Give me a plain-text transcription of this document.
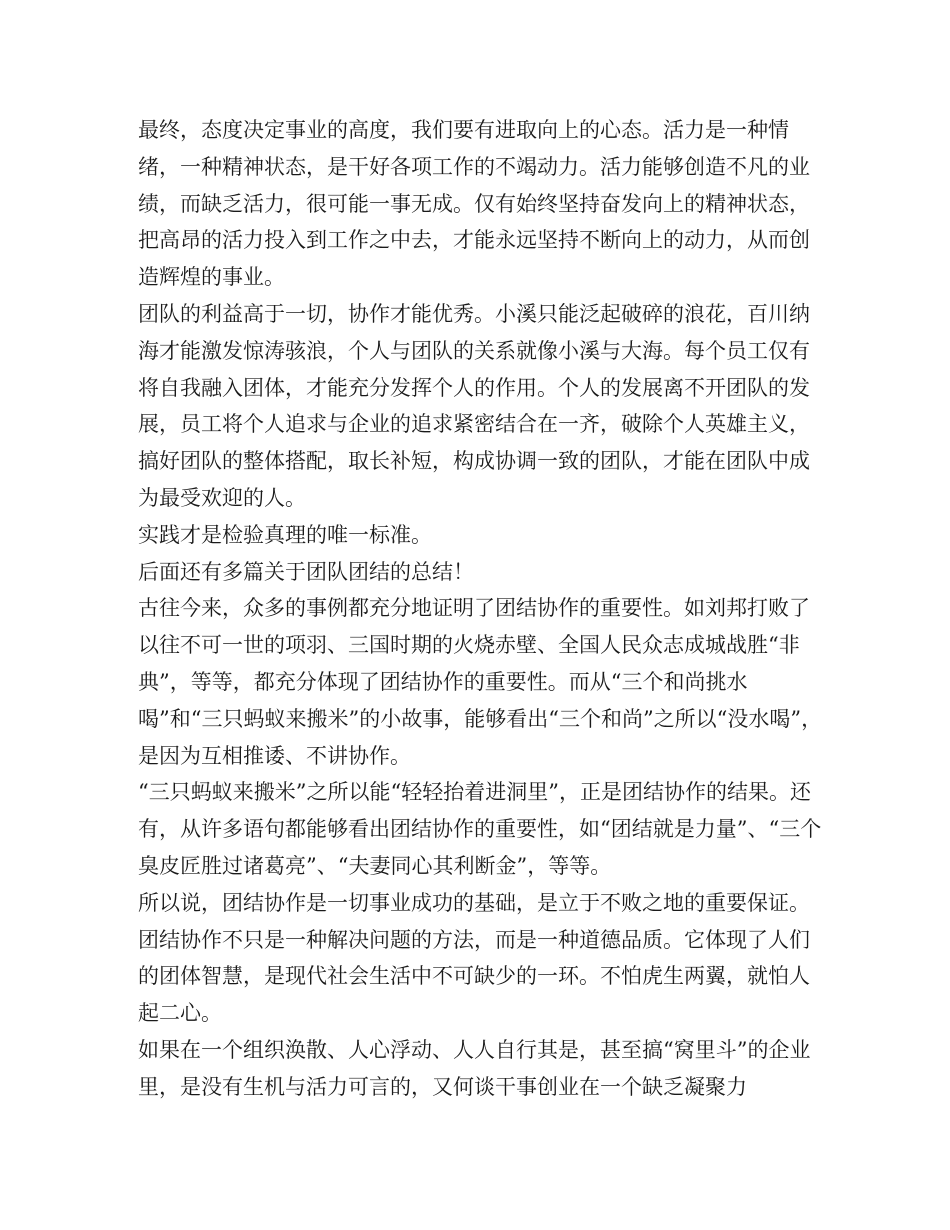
最终，态度决定事业的高度，我们要有进取向上的心态。活力是一种情绪，一种精神状态，是干好各项工作的不竭动力。活力能够创造不凡的业绩，而缺乏活力，很可能一事无成。仅有始终坚持奋发向上的精神状态，把高昂的活力投入到工作之中去，才能永远坚持不断向上的动力，从而创造辉煌的事业。

团队的利益高于一切，协作才能优秀。小溪只能泛起破碎的浪花，百川纳海才能激发惊涛骇浪，个人与团队的关系就像小溪与大海。每个员工仅有将自我融入团体，才能充分发挥个人的作用。个人的发展离不开团队的发展，员工将个人追求与企业的追求紧密结合在一齐，破除个人英雄主义，搞好团队的整体搭配，取长补短，构成协调一致的团队，才能在团队中成为最受欢迎的人。

实践才是检验真理的唯一标准。

后面还有多篇关于团队团结的总结！

古往今来，众多的事例都充分地证明了团结协作的重要性。如刘邦打败了以往不可一世的项羽、三国时期的火烧赤壁、全国人民众志成城战胜“非典”，等等，都充分体现了团结协作的重要性。而从“三个和尚挑水喝”和“三只蚂蚁来搬米”的小故事，能够看出“三个和尚”之所以“没水喝”，是因为互相推诿、不讲协作。

“三只蚂蚁来搬米”之所以能“轻轻抬着进洞里”，正是团结协作的结果。还有，从许多语句都能够看出团结协作的重要性，如“团结就是力量”、“三个臭皮匠胜过诸葛亮”、“夫妻同心其利断金”，等等。

所以说，团结协作是一切事业成功的基础，是立于不败之地的重要保证。

团结协作不只是一种解决问题的方法，而是一种道德品质。它体现了人们的团体智慧，是现代社会生活中不可缺少的一环。不怕虎生两翼，就怕人起二心。

如果在一个组织涣散、人心浮动、人人自行其是，甚至搞“窝里斗”的企业里，是没有生机与活力可言的，又何谈干事创业在一个缺乏凝聚力
